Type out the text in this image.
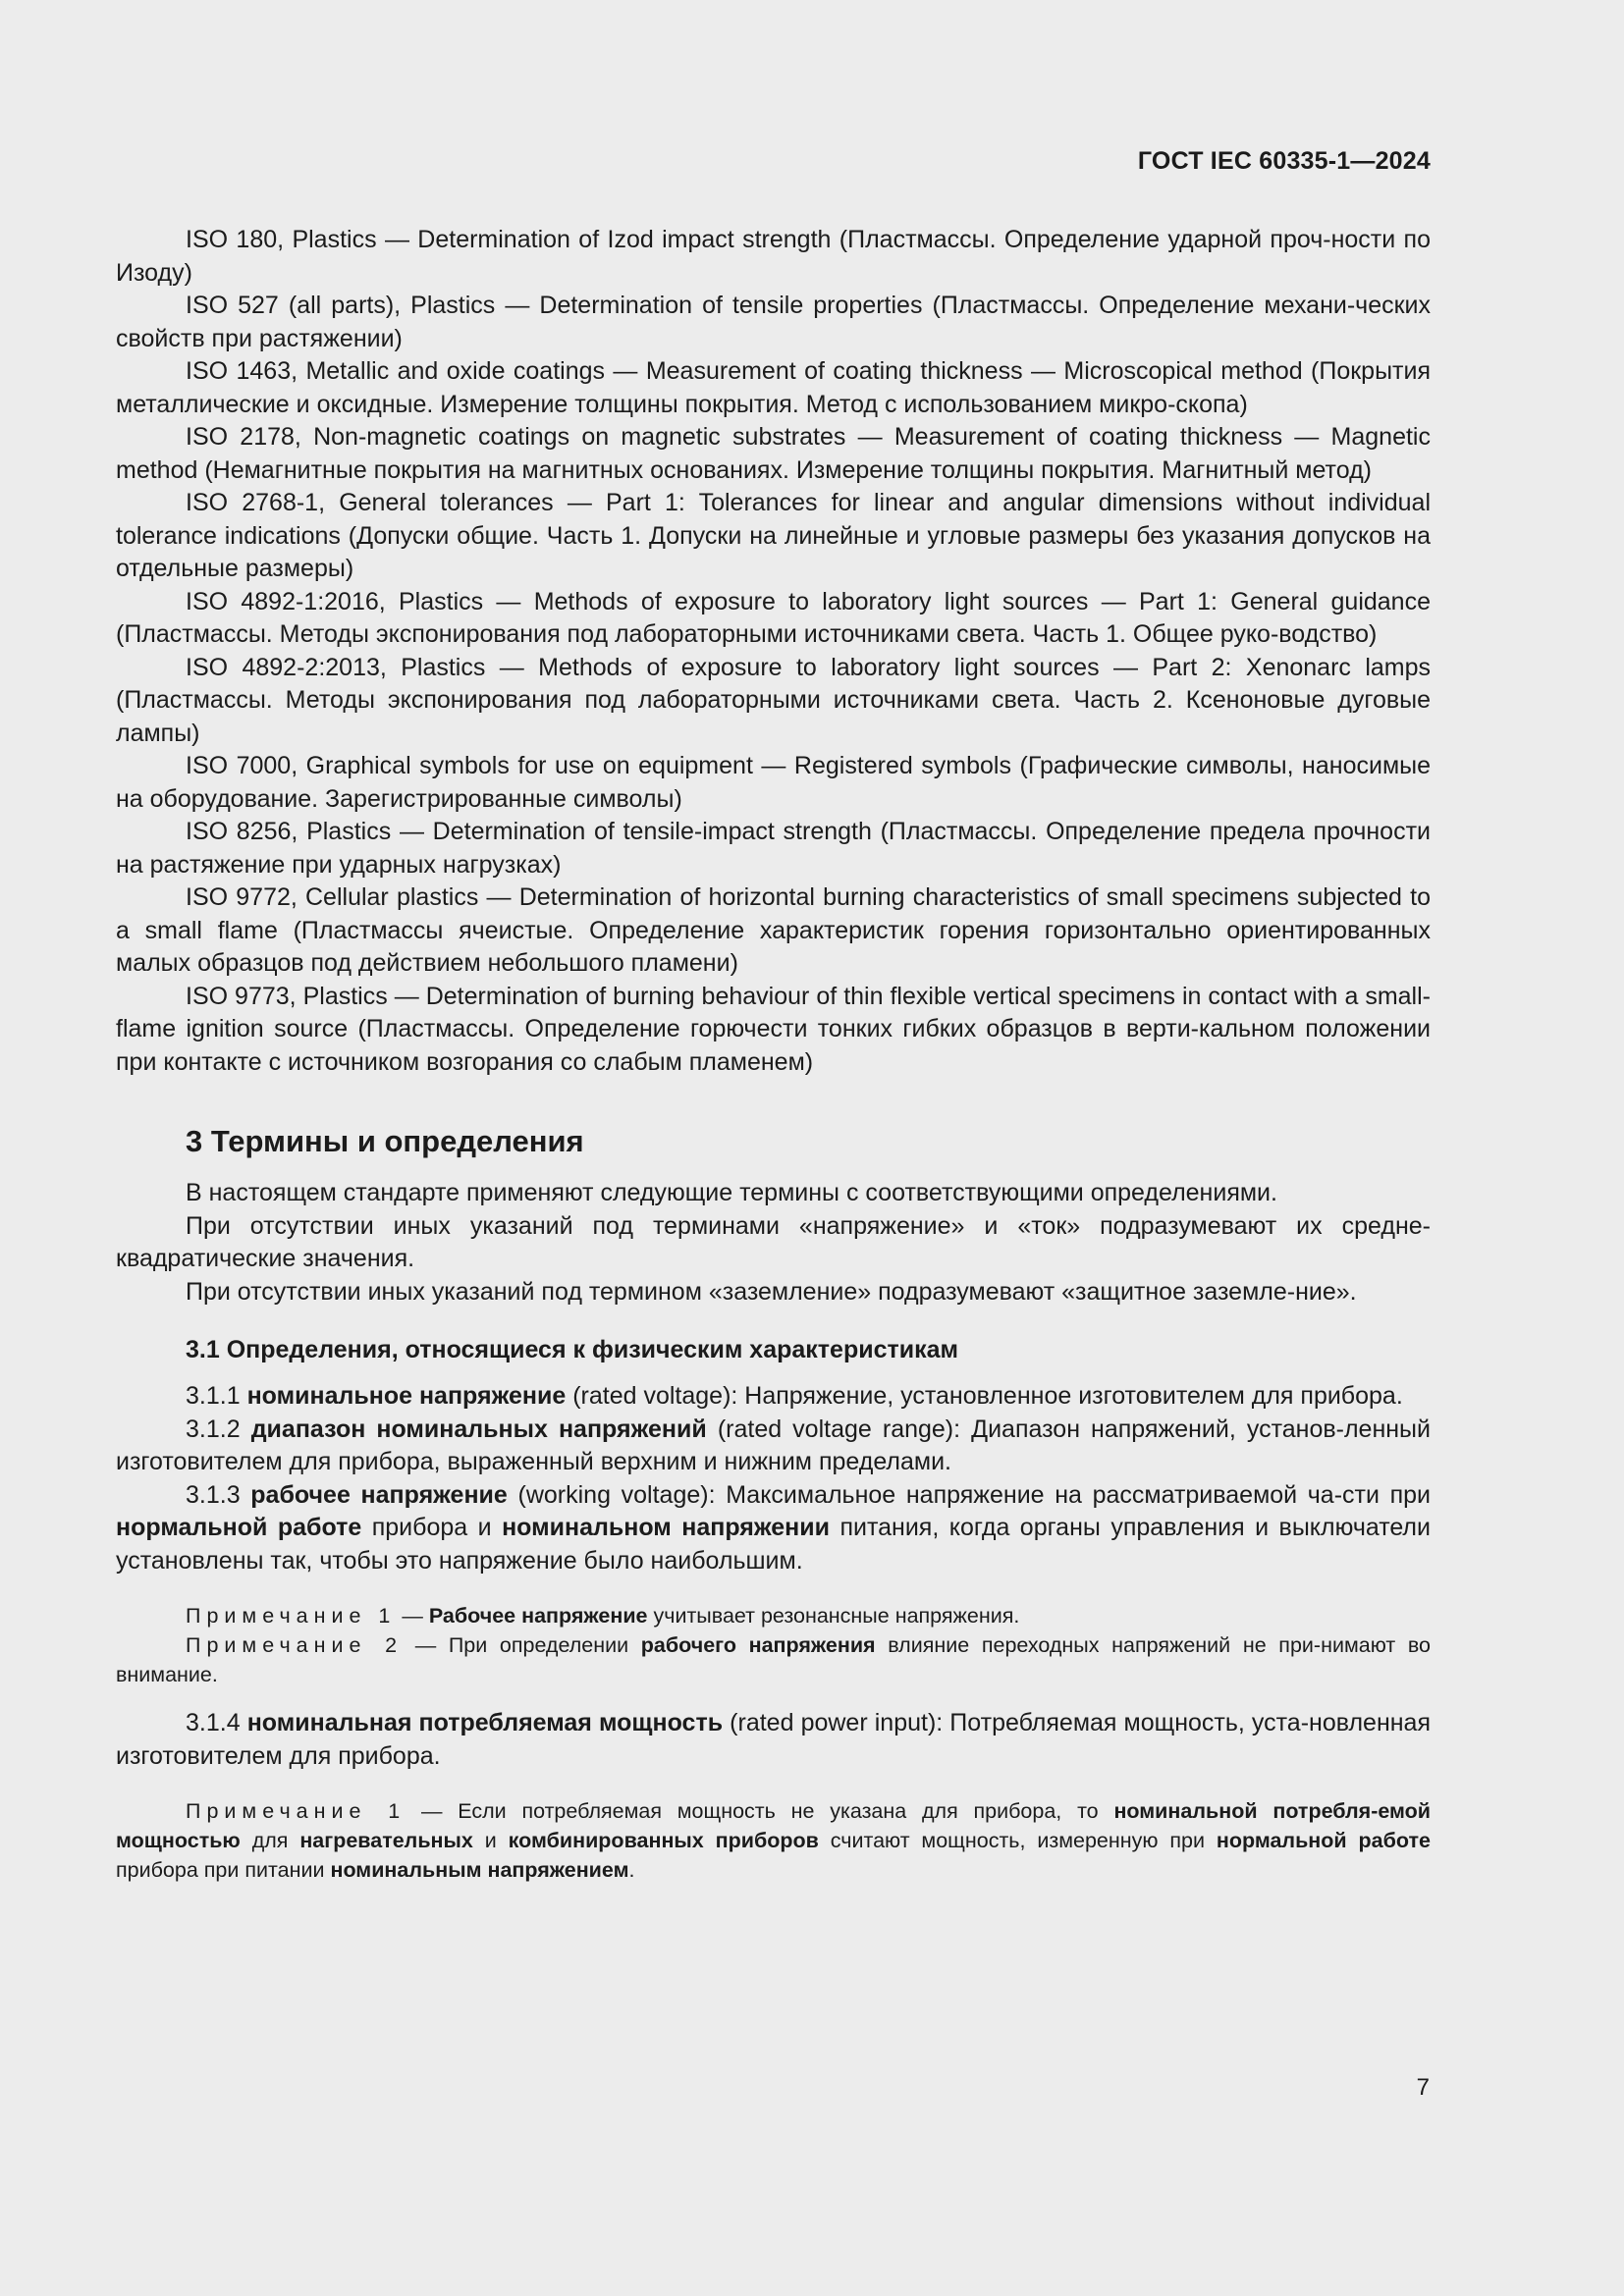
ГОСТ IEC 60335-1—2024

ISO 180, Plastics — Determination of Izod impact strength (Пластмассы. Определение ударной проч-ности по Изоду)

ISO 527 (all parts), Plastics — Determination of tensile properties (Пластмассы. Определение механи-ческих свойств при растяжении)

ISO 1463, Metallic and oxide coatings — Measurement of coating thickness — Microscopical method (Покрытия металлические и оксидные. Измерение толщины покрытия. Метод с использованием микро-скопа)

ISO 2178, Non-magnetic coatings on magnetic substrates — Measurement of coating thickness — Magnetic method (Немагнитные покрытия на магнитных основаниях. Измерение толщины покрытия. Магнитный метод)

ISO 2768-1, General tolerances — Part 1: Tolerances for linear and angular dimensions without individual tolerance indications (Допуски общие. Часть 1. Допуски на линейные и угловые размеры без указания допусков на отдельные размеры)

ISO 4892-1:2016, Plastics — Methods of exposure to laboratory light sources — Part 1: General guidance (Пластмассы. Методы экспонирования под лабораторными источниками света. Часть 1. Общее руко-водство)

ISO 4892-2:2013, Plastics — Methods of exposure to laboratory light sources — Part 2: Xenonarc lamps (Пластмассы. Методы экспонирования под лабораторными источниками света. Часть 2. Ксеноновые дуговые лампы)

ISO 7000, Graphical symbols for use on equipment — Registered symbols (Графические символы, наносимые на оборудование. Зарегистрированные символы)

ISO 8256, Plastics — Determination of tensile-impact strength (Пластмассы. Определение предела прочности на растяжение при ударных нагрузках)

ISO 9772, Cellular plastics — Determination of horizontal burning characteristics of small specimens subjected to a small flame (Пластмассы ячеистые. Определение характеристик горения горизонтально ориентированных малых образцов под действием небольшого пламени)

ISO 9773, Plastics — Determination of burning behaviour of thin flexible vertical specimens in contact with a small-flame ignition source (Пластмассы. Определение горючести тонких гибких образцов в верти-кальном положении при контакте с источником возгорания со слабым пламенем)

3 Термины и определения

В настоящем стандарте применяют следующие термины с соответствующими определениями.

При отсутствии иных указаний под терминами «напряжение» и «ток» подразумевают их средне-квадратические значения.

При отсутствии иных указаний под термином «заземление» подразумевают «защитное заземле-ние».

3.1 Определения, относящиеся к физическим характеристикам

3.1.1 номинальное напряжение (rated voltage): Напряжение, установленное изготовителем для прибора.

3.1.2 диапазон номинальных напряжений (rated voltage range): Диапазон напряжений, установ-ленный изготовителем для прибора, выраженный верхним и нижним пределами.

3.1.3 рабочее напряжение (working voltage): Максимальное напряжение на рассматриваемой ча-сти при нормальной работе прибора и номинальном напряжении питания, когда органы управления и выключатели установлены так, чтобы это напряжение было наибольшим.

Примечание 1 — Рабочее напряжение учитывает резонансные напряжения.

Примечание 2 — При определении рабочего напряжения влияние переходных напряжений не при-нимают во внимание.

3.1.4 номинальная потребляемая мощность (rated power input): Потребляемая мощность, уста-новленная изготовителем для прибора.

Примечание 1 — Если потребляемая мощность не указана для прибора, то номинальной потребля-емой мощностью для нагревательных и комбинированных приборов считают мощность, измеренную при нормальной работе прибора при питании номинальным напряжением.

7
